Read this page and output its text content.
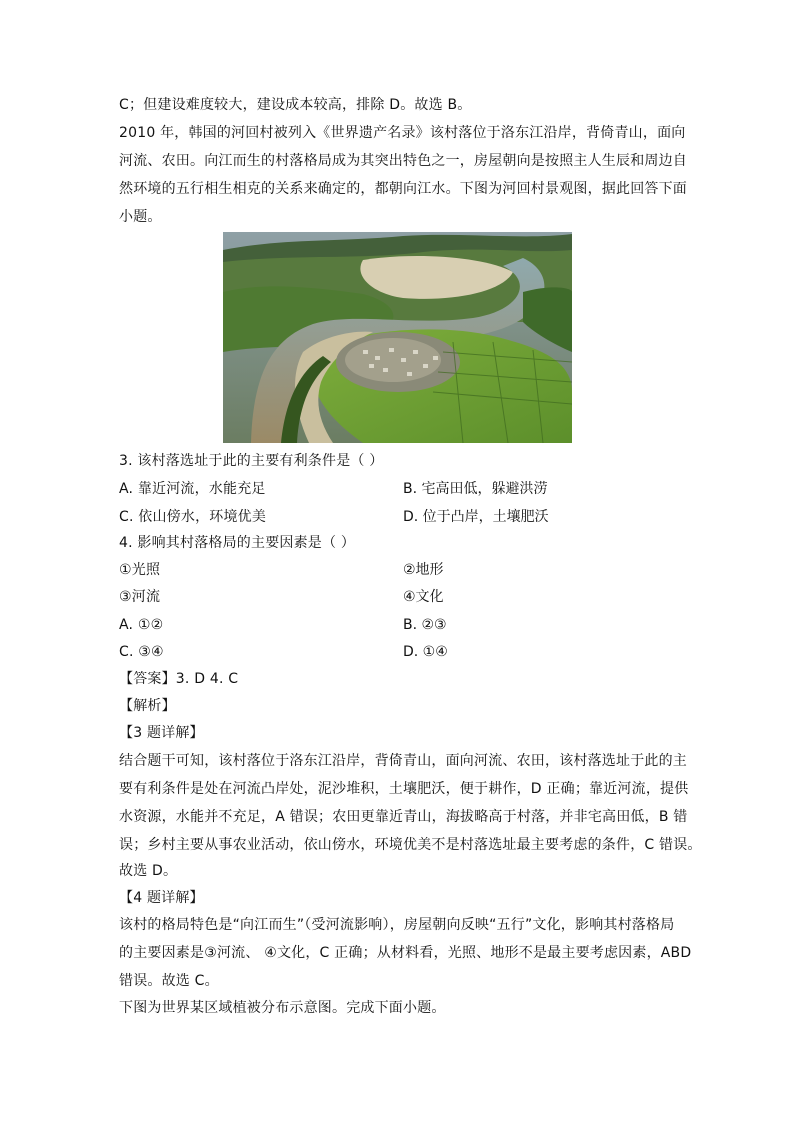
C；但建设难度较大，建设成本较高，排除 D。故选 B。
2010 年，韩国的河回村被列入《世界遗产名录》该村落位于洛东江沿岸，背倚青山，面向
河流、农田。向江而生的村落格局成为其突出特色之一，房屋朝向是按照主人生辰和周边自
然环境的五行相生相克的关系来确定的，都朝向江水。下图为河回村景观图，据此回答下面
小题。
3. 该村落选址于此的主要有利条件是（ ）
A. 靠近河流，水能充足	B. 宅高田低，躲避洪涝
C. 依山傍水，环境优美	D. 位于凸岸，土壤肥沃
4. 影响其村落格局的主要因素是（ ）
①光照	②地形
③河流	④文化
A. ①②	B. ②③
C. ③④	D. ①④
【答案】3. D 4. C
【解析】
【3 题详解】
结合题干可知，该村落位于洛东江沿岸，背倚青山，面向河流、农田，该村落选址于此的主
要有利条件是处在河流凸岸处，泥沙堆积，土壤肥沃，便于耕作，D 正确；靠近河流，提供
水资源，水能并不充足，A 错误；农田更靠近青山，海拔略高于村落，并非宅高田低，B 错
误；乡村主要从事农业活动，依山傍水，环境优美不是村落选址最主要考虑的条件，C 错误。
故选 D。
【4 题详解】
该村的格局特色是“向江而生”（受河流影响），房屋朝向反映“五行”文化，影响其村落格局
的主要因素是③河流、 ④文化，C 正确；从材料看，光照、地形不是最主要考虑因素，ABD
错误。故选 C。
下图为世界某区域植被分布示意图。完成下面小题。
